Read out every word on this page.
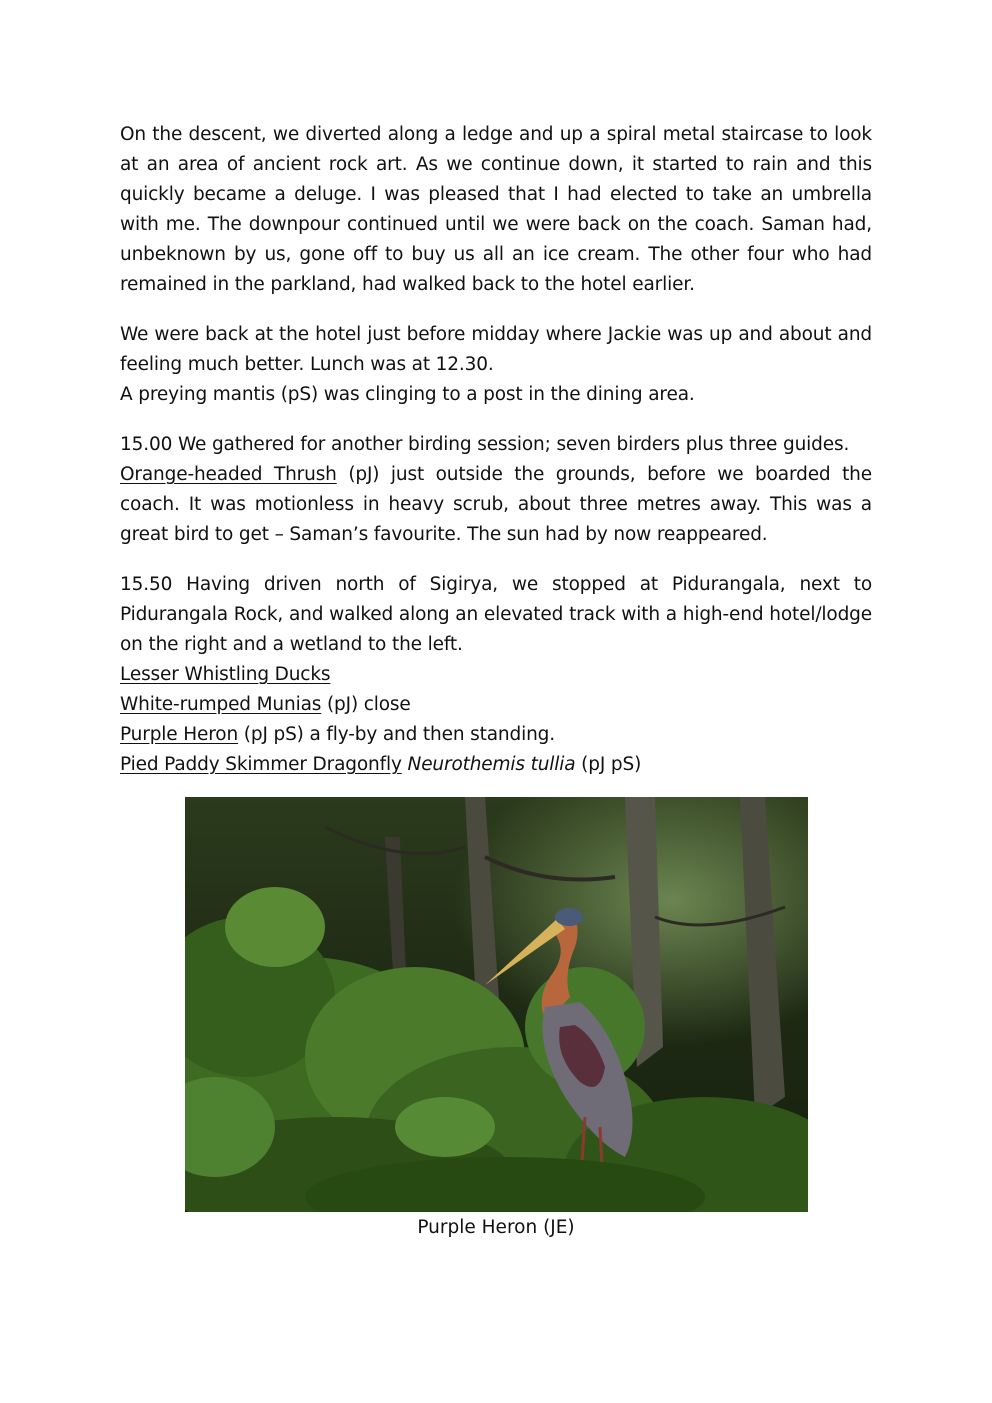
On the descent, we diverted along a ledge and up a spiral metal staircase to look at an area of ancient rock art. As we continue down, it started to rain and this quickly became a deluge. I was pleased that I had elected to take an umbrella with me. The downpour continued until we were back on the coach. Saman had, unbeknown by us, gone off to buy us all an ice cream. The other four who had remained in the parkland, had walked back to the hotel earlier.

We were back at the hotel just before midday where Jackie was up and about and feeling much better. Lunch was at 12.30.
A preying mantis (pS) was clinging to a post in the dining area.

15.00 We gathered for another birding session; seven birders plus three guides.
Orange-headed Thrush (pJ) just outside the grounds, before we boarded the coach. It was motionless in heavy scrub, about three metres away. This was a great bird to get – Saman’s favourite. The sun had by now reappeared.

15.50 Having driven north of Sigirya, we stopped at Pidurangala, next to Pidurangala Rock, and walked along an elevated track with a high-end hotel/lodge on the right and a wetland to the left.

Lesser Whistling Ducks
White-rumped Munias (pJ) close
Purple Heron (pJ pS) a fly-by and then standing.
Pied Paddy Skimmer Dragonfly Neurothemis tullia (pJ pS)
Purple Heron (JE)
